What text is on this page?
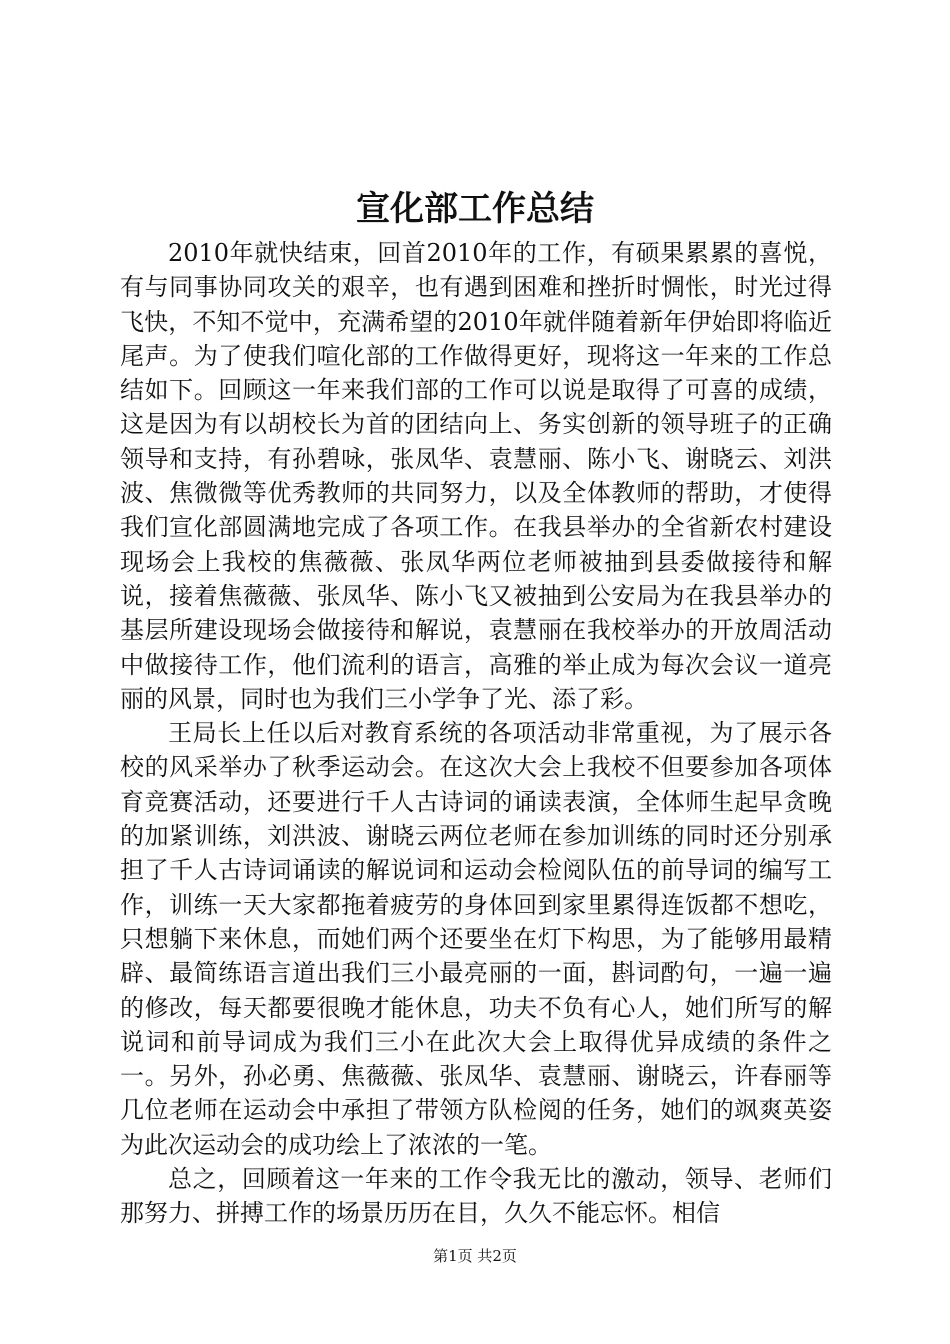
宣化部工作总结

2010年就快结束，回首2010年的工作，有硕果累累的喜悦，有与同事协同攻关的艰辛，也有遇到困难和挫折时惆怅，时光过得飞快，不知不觉中，充满希望的2010年就伴随着新年伊始即将临近尾声。为了使我们喧化部的工作做得更好，现将这一年来的工作总结如下。回顾这一年来我们部的工作可以说是取得了可喜的成绩，这是因为有以胡校长为首的团结向上、务实创新的领导班子的正确领导和支持，有孙碧咏，张凤华、袁慧丽、陈小飞、谢晓云、刘洪波、焦微微等优秀教师的共同努力，以及全体教师的帮助，才使得我们宣化部圆满地完成了各项工作。在我县举办的全省新农村建设现场会上我校的焦薇薇、张凤华两位老师被抽到县委做接待和解说，接着焦薇薇、张凤华、陈小飞又被抽到公安局为在我县举办的基层所建设现场会做接待和解说，袁慧丽在我校举办的开放周活动中做接待工作，他们流利的语言，高雅的举止成为每次会议一道亮丽的风景，同时也为我们三小学争了光、添了彩。

王局长上任以后对教育系统的各项活动非常重视，为了展示各校的风采举办了秋季运动会。在这次大会上我校不但要参加各项体育竞赛活动，还要进行千人古诗词的诵读表演，全体师生起早贪晚的加紧训练，刘洪波、谢晓云两位老师在参加训练的同时还分别承担了千人古诗词诵读的解说词和运动会检阅队伍的前导词的编写工作，训练一天大家都拖着疲劳的身体回到家里累得连饭都不想吃，只想躺下来休息，而她们两个还要坐在灯下构思，为了能够用最精辟、最简练语言道出我们三小最亮丽的一面，斟词酌句，一遍一遍的修改，每天都要很晚才能休息，功夫不负有心人，她们所写的解说词和前导词成为我们三小在此次大会上取得优异成绩的条件之一。另外，孙必勇、焦薇薇、张凤华、袁慧丽、谢晓云，许春丽等几位老师在运动会中承担了带领方队检阅的任务，她们的飒爽英姿为此次运动会的成功绘上了浓浓的一笔。

总之，回顾着这一年来的工作令我无比的激动，领导、老师们那努力、拼搏工作的场景历历在目，久久不能忘怀。相信

第1页 共2页
